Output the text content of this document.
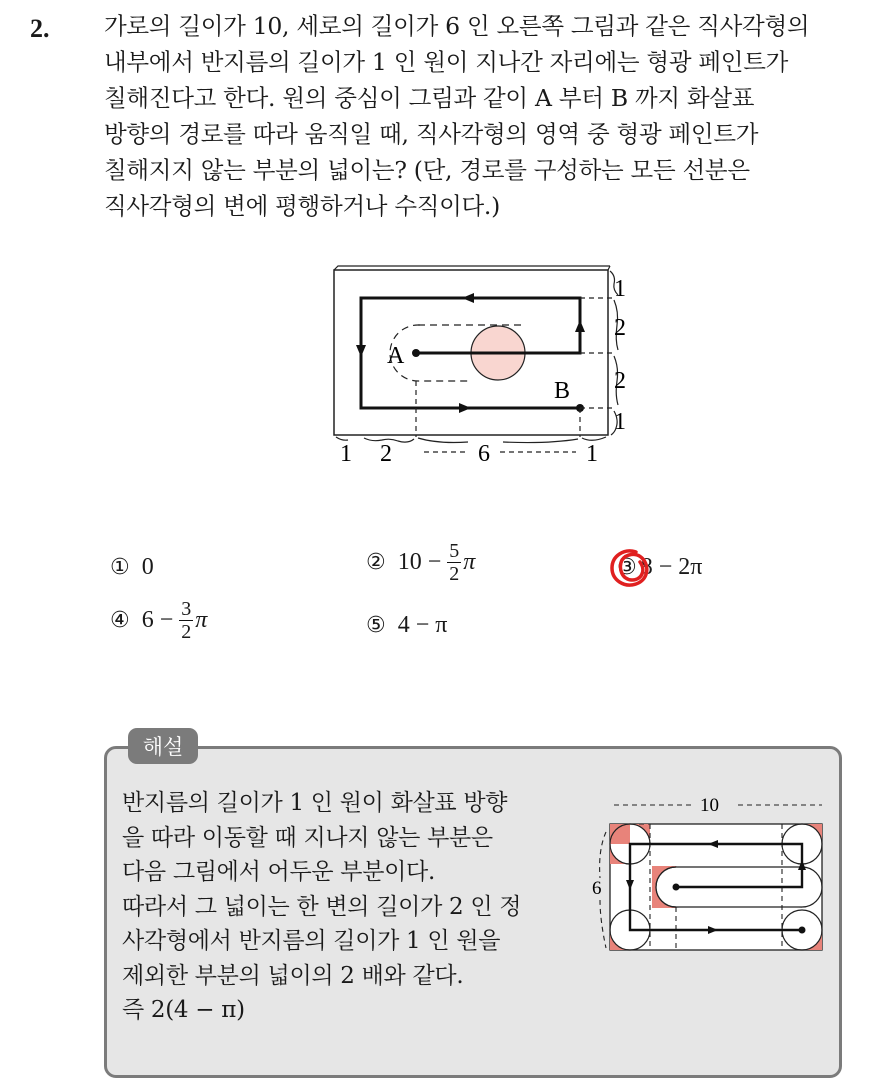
2. 가로의 길이가 10, 세로의 길이가 6 인 오른쪽 그림과 같은 직사각형의

내부에서 반지름의 길이가 1 인 원이 지나간 자리에는 형광 페인트가

칠해진다고 한다. 원의 중심이 그림과 같이 A 부터 B 까지 화살표

방향의 경로를 따라 움직일 때, 직사각형의 영역 중 형광 페인트가

칠해지지 않는 부분의 넓이는? (단, 경로를 구성하는 모든 선분은

직사각형의 변에 평행하거나 수직이다.)

A
B
1
2
2
1
1 2	6	1
① 0	② $10 - \frac{5}{2}$ π	③ 8 − 2π
④ $6 - \frac{3}{2}$ π	⑤ 4 − π
해설

반지름의 길이가 1 인 원이 화살표 방향

을 따라 이동할 때 지나지 않는 부분은

다음 그림에서 어두운 부분이다.

따라서 그 넓이는 한 변의 길이가 2 인 정

사각형에서 반지름의 길이가 1 인 원을

제외한 부분의 넓이의 2 배와 같다.

즉 2(4 − π)

10
6
